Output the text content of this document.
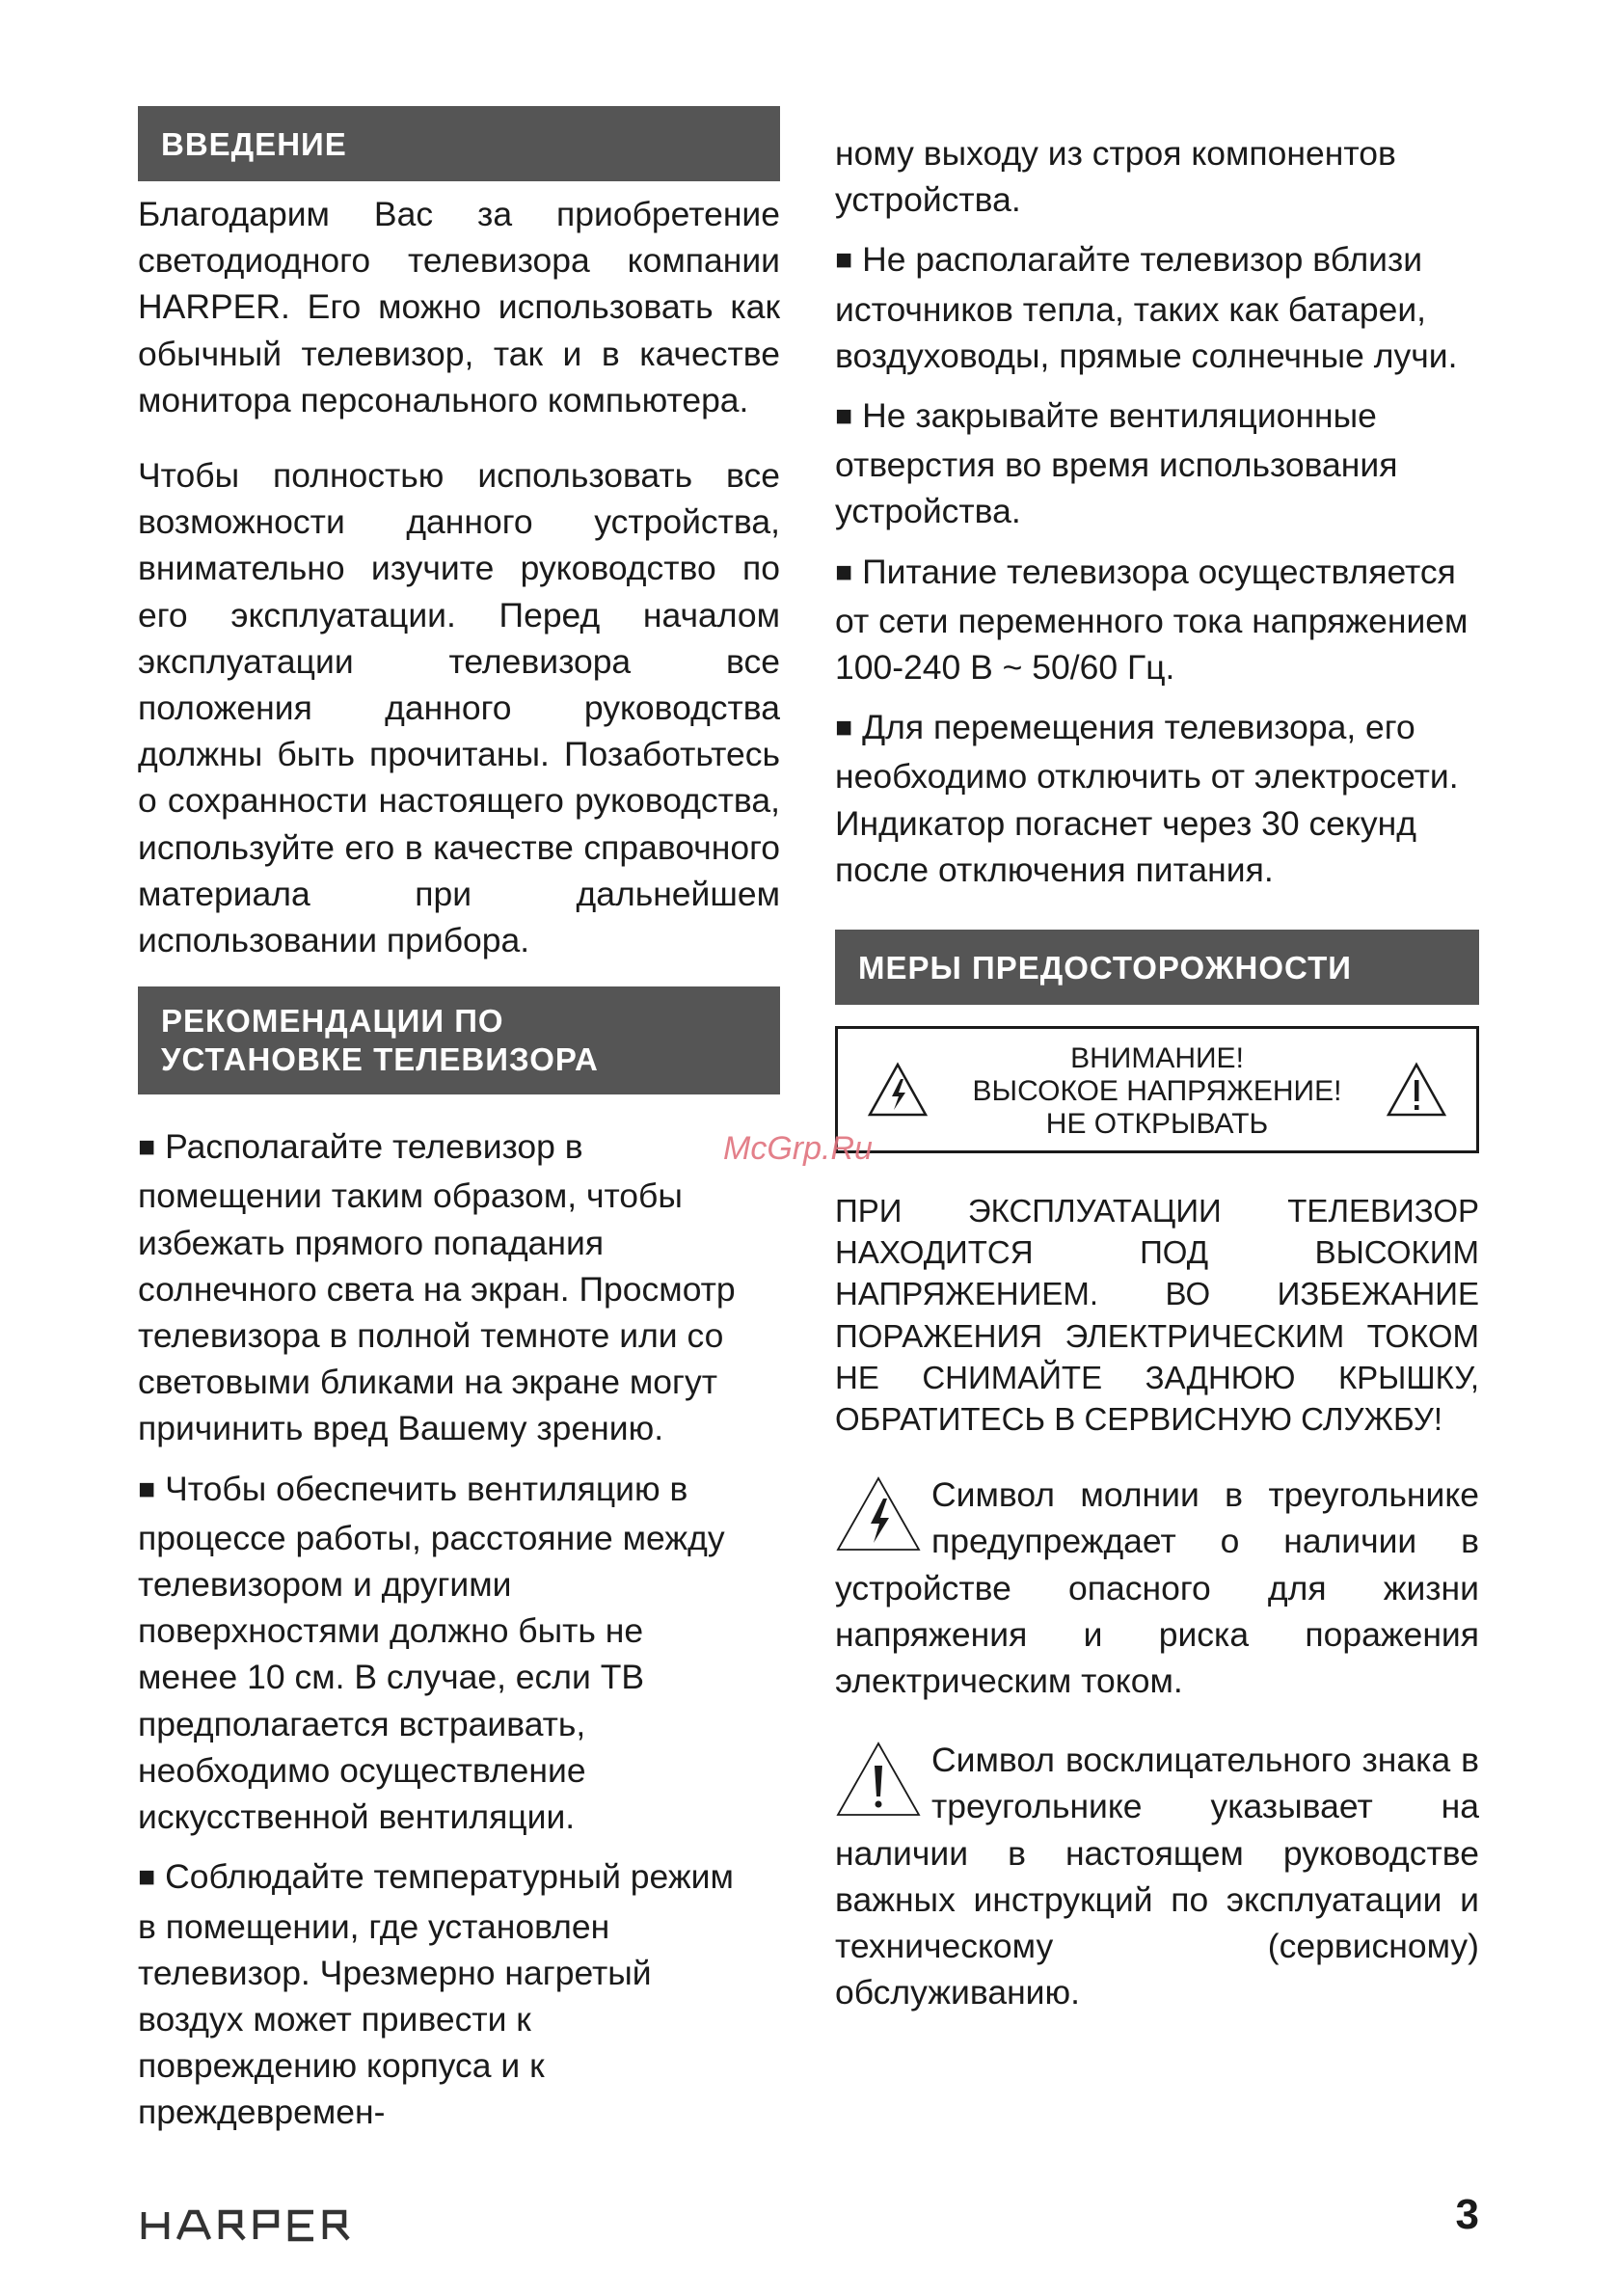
ВВЕДЕНИЕ

Благодарим Вас за приобретение светодиодного телевизора компании HARPER. Его можно использовать как обычный телевизор, так и в качестве монитора персонального компьютера.

Чтобы полностью использовать все возможности данного устройства, внимательно изучите руководство по его эксплуатации. Перед началом эксплуатации телевизора все положения данного руководства должны быть прочитаны. Позаботьтесь о сохранности настоящего руководства, используйте его в качестве справочного материала при дальнейшем использовании прибора.

РЕКОМЕНДАЦИИ ПО
УСТАНОВКЕ ТЕЛЕВИЗОРА

■ Располагайте телевизор в помещении таким образом, чтобы избежать прямого попадания солнечного света на экран. Просмотр телевизора в полной темноте или со световыми бликами на экране могут причинить вред Вашему зрению.

■ Чтобы обеспечить вентиляцию в процессе работы, расстояние между телевизором и другими поверхностями должно быть не менее 10 см. В случае, если ТВ предполагается встраивать, необходимо осуществление искусственной вентиляции.

■ Соблюдайте температурный режим в помещении, где установлен телевизор. Чрезмерно нагретый воздух может привести к повреждению корпуса и к преждевремен-

ному выходу из строя компонентов устройства.

■ Не располагайте телевизор вблизи источников тепла, таких как батареи, воздуховоды, прямые солнечные лучи.

■ Не закрывайте вентиляционные отверстия во время использования устройства.

■ Питание телевизора осуществляется от сети переменного тока напряжением 100-240 В ~ 50/60 Гц.

■ Для перемещения телевизора, его необходимо отключить от электросети. Индикатор погаснет через 30 секунд после отключения питания.

МЕРЫ ПРЕДОСТОРОЖНОСТИ
ВНИМАНИЕ!
ВЫСОКОЕ НАПРЯЖЕНИЕ!
НЕ ОТКРЫВАТЬ

ПРИ ЭКСПЛУАТАЦИИ ТЕЛЕВИЗОР НАХОДИТСЯ ПОД ВЫСОКИМ НАПРЯЖЕНИЕМ. ВО ИЗБЕЖАНИЕ ПОРАЖЕНИЯ ЭЛЕКТРИЧЕСКИМ ТОКОМ НЕ СНИМАЙТЕ ЗАДНЮЮ КРЫШКУ, ОБРАТИТЕСЬ В СЕРВИСНУЮ СЛУЖБУ!

Символ молнии в треугольнике предупреждает о наличии в устройстве опасного для жизни напряжения и риска поражения электрическим током.

Символ восклицательного знака в треугольнике указывает на наличии в настоящем руководстве важных инструкций по эксплуатации и техническому (сервисному) обслуживанию.

McGrp.Ru
3
